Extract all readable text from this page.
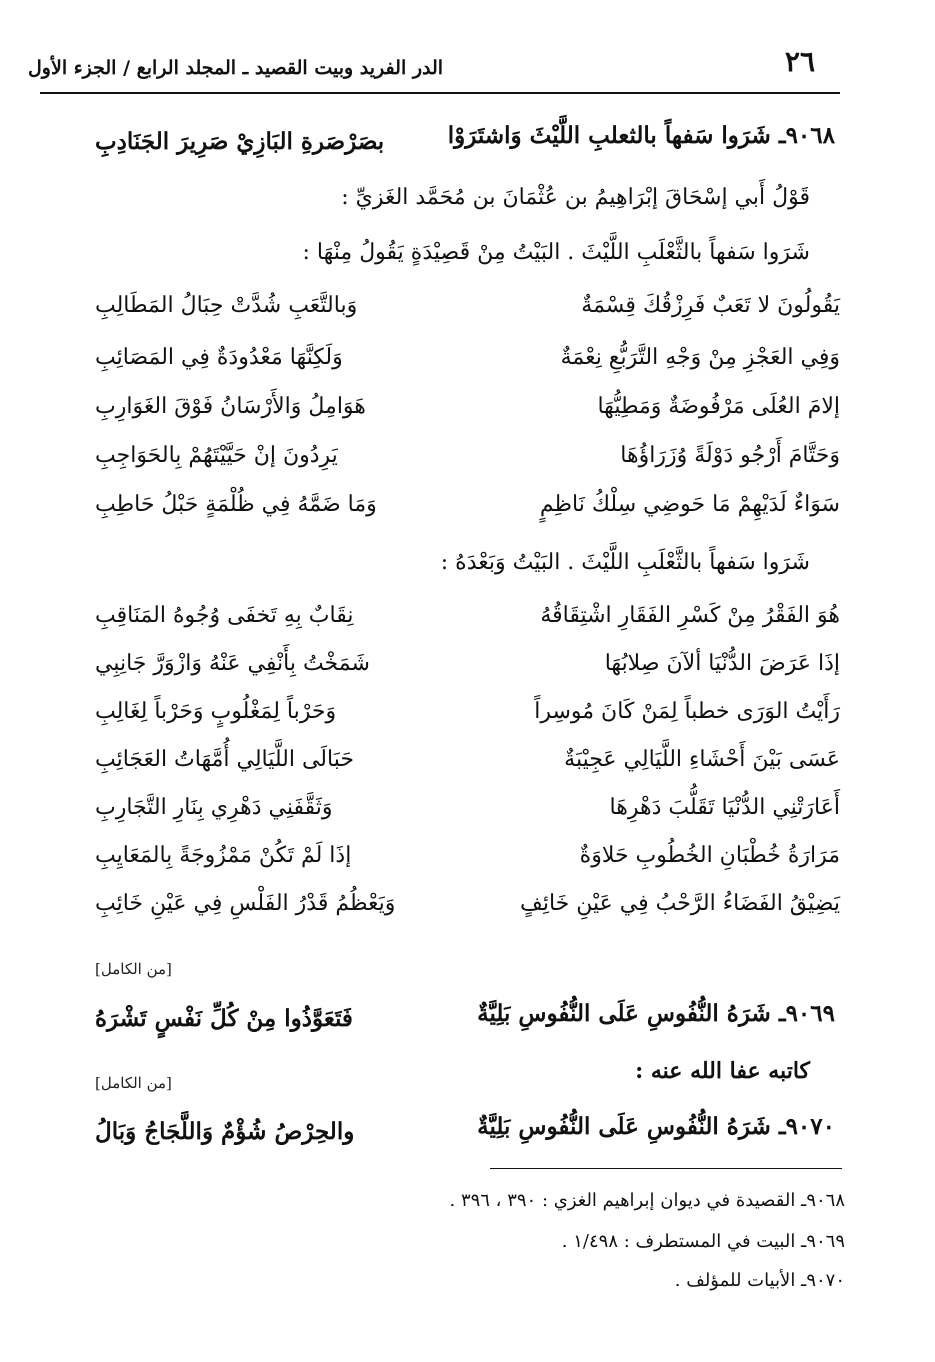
٢٦
الدر الفريد وبيت القصيد ـ المجلد الرابع / الجزء الأول
٩٠٦٨ـ شَرَوا سَفهاً بالثعلبِ اللَّيْثَ وَاشتَرَوْا
بصَرْصَرةِ البَازِيْ صَرِيرَ الجَنَادِبِ
قَوْلُ أَبي إسْحَاقَ إبْرَاهِيمُ بن عُثْمَانَ بن مُحَمَّد الغَزيِّ :
شَرَوا سَفهاً بالثَّعْلَبِ اللَّيْثَ . البَيْتُ مِنْ قَصِيْدَةٍ يَقُولُ مِنْهَا :
يَقُولُونَ لا تَعَبٌ فَرِزْقُكَ قِسْمَةٌ
وَبالتَّعَبِ شُدَّتْ حِبَالُ المَطَالِبِ
وَفِي العَجْزِ مِنْ وَجْهِ التَّرَبُّعِ نِعْمَةٌ
وَلَكِنَّهَا مَعْدُودَةٌ فِي المَصَائِبِ
إلامَ العُلَى مَرْفُوضَةٌ وَمَطِيُّهَا
هَوَامِلُ وَالأَرْسَانُ فَوْقَ الغَوَارِبِ
وَحَتَّامَ أَرْجُو دَوْلَةً وُزَرَاؤُهَا
يَرِدُونَ إنْ حَيَّيْتَهُمْ بِالحَوَاجِبِ
سَوَاءٌ لَدَيْهِمْ مَا حَوضِي سِلْكُ نَاظِمٍ
وَمَا ضَمَّهُ فِي ظُلْمَةٍ حَبْلُ حَاطِبِ
شَرَوا سَفهاً بالثَّعْلَبِ اللَّيْثَ . البَيْتُ وَبَعْدَهُ :
هُوَ الفَقْرُ مِنْ كَسْرِ الفَقَارِ اشْتِقَاقُهُ
نِقَابٌ بِهِ تَخفَى وُجُوهُ المَنَاقِبِ
إذَا عَرَضَ الدُّنْيَا ألآنَ صِلابُهَا
شَمَخْتُ بِأَنْفِي عَنْهُ وَازْوَرَّ جَانِبِي
رَأَيْتُ الوَرَى خطباً لِمَنْ كَانَ مُوسِراً
وَحَرْباً لِمَغْلُوبٍ وَحَرْباً لِغَالِبِ
عَسَى بَيْنَ أَحْشَاءِ اللَّيَالِي عَجِيْبَةٌ
حَبَالَى اللَّيَالِي أُمَّهَاتُ العَجَائِبِ
أَعَارَتْنِي الدُّنْيَا تَقَلُّبَ دَهْرِهَا
وَثَقَّفَنِي دَهْرِي بِنَارِ التَّجَارِبِ
مَرَارَةُ خُطْبَانِ الخُطُوبِ حَلاوَةٌ
إذَا لَمْ تَكُنْ مَمْزُوجَةً بِالمَعَايِبِ
يَضِيْقُ الفَضَاءُ الرَّحْبُ فِي عَيْنِ خَائِفٍ
وَيَعْظُمُ قَدْرُ الفَلْسِ فِي عَيْنِ خَائِبِ
[من الكامل]
٩٠٦٩ـ شَرَهُ النُّفُوسِ عَلَى النُّفُوسِ بَلِيَّةٌ
فَتَعَوَّذُوا مِنْ كُلِّ نَفْسٍ تَشْرَهُ
كاتبه عفا الله عنه :
[من الكامل]
٩٠٧٠ـ شَرَهُ النُّفُوسِ عَلَى النُّفُوسِ بَلِيَّةٌ
والحِرْصُ شُؤْمٌ وَاللَّجَاجُ وَبَالُ
٩٠٦٨ـ القصيدة في ديوان إبراهيم الغزي : ٣٩٠ ، ٣٩٦ .
٩٠٦٩ـ البيت في المستطرف : ١/٤٩٨ .
٩٠٧٠ـ الأبيات للمؤلف .
